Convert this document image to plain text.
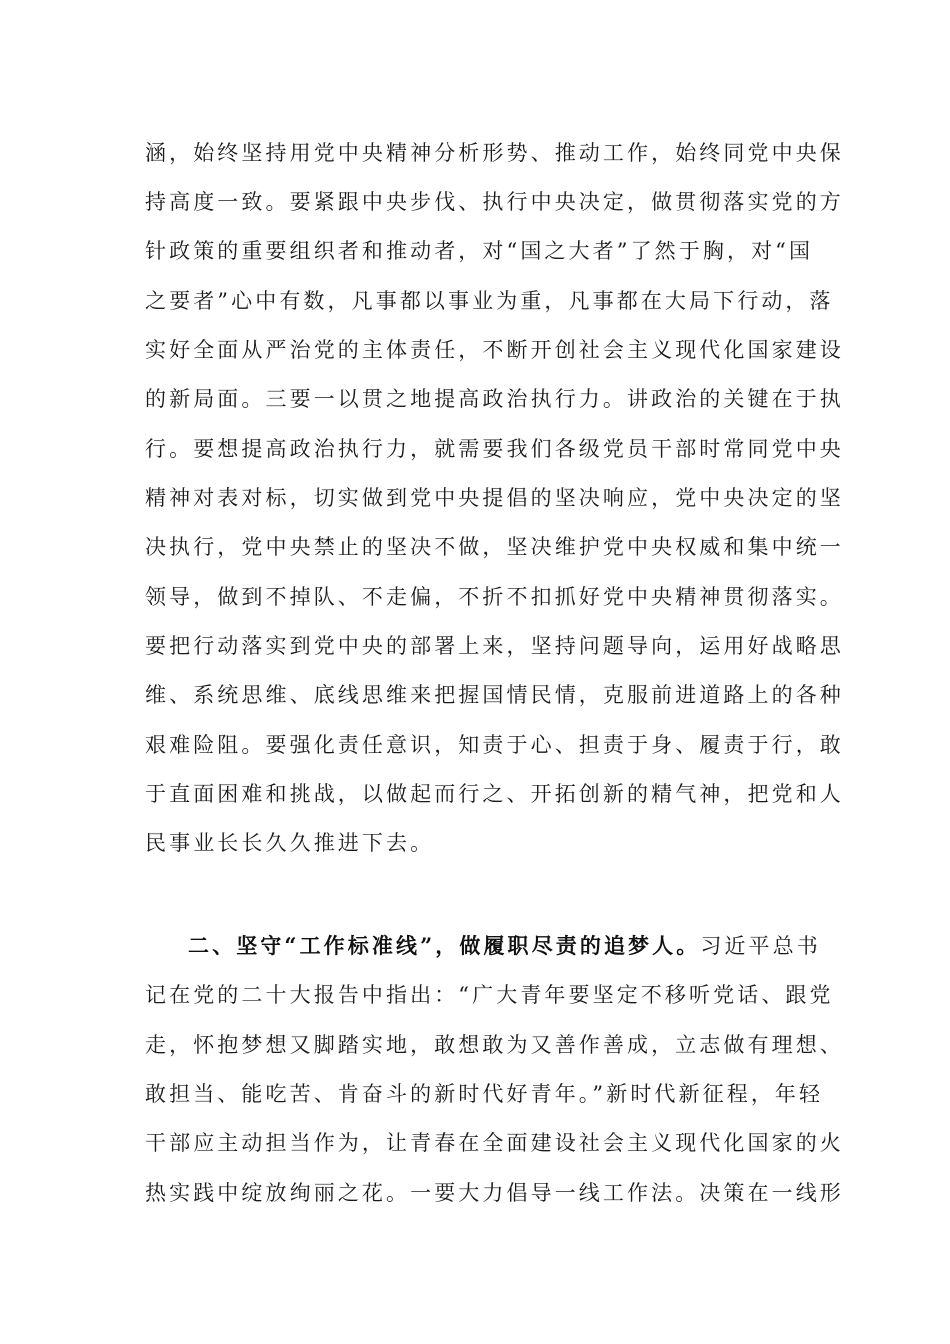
涵，始终坚持用党中央精神分析形势、推动工作，始终同党中央保
持高度一致。要紧跟中央步伐、执行中央决定，做贯彻落实党的方
针政策的重要组织者和推动者，对“国之大者”了然于胸，对“国
之要者”心中有数，凡事都以事业为重，凡事都在大局下行动，落
实好全面从严治党的主体责任，不断开创社会主义现代化国家建设
的新局面。三要一以贯之地提高政治执行力。讲政治的关键在于执
行。要想提高政治执行力，就需要我们各级党员干部时常同党中央
精神对表对标，切实做到党中央提倡的坚决响应，党中央决定的坚
决执行，党中央禁止的坚决不做，坚决维护党中央权威和集中统一
领导，做到不掉队、不走偏，不折不扣抓好党中央精神贯彻落实。
要把行动落实到党中央的部署上来，坚持问题导向，运用好战略思
维、系统思维、底线思维来把握国情民情，克服前进道路上的各种
艰难险阻。要强化责任意识，知责于心、担责于身、履责于行，敢
于直面困难和挑战，以做起而行之、开拓创新的精气神，把党和人
民事业长长久久推进下去。
二、坚守“工作标准线”，做履职尽责的追梦人。习近平总书
记在党的二十大报告中指出：“广大青年要坚定不移听党话、跟党
走，怀抱梦想又脚踏实地，敢想敢为又善作善成，立志做有理想、
敢担当、能吃苦、肯奋斗的新时代好青年。”新时代新征程，年轻
干部应主动担当作为，让青春在全面建设社会主义现代化国家的火
热实践中绽放绚丽之花。一要大力倡导一线工作法。决策在一线形
